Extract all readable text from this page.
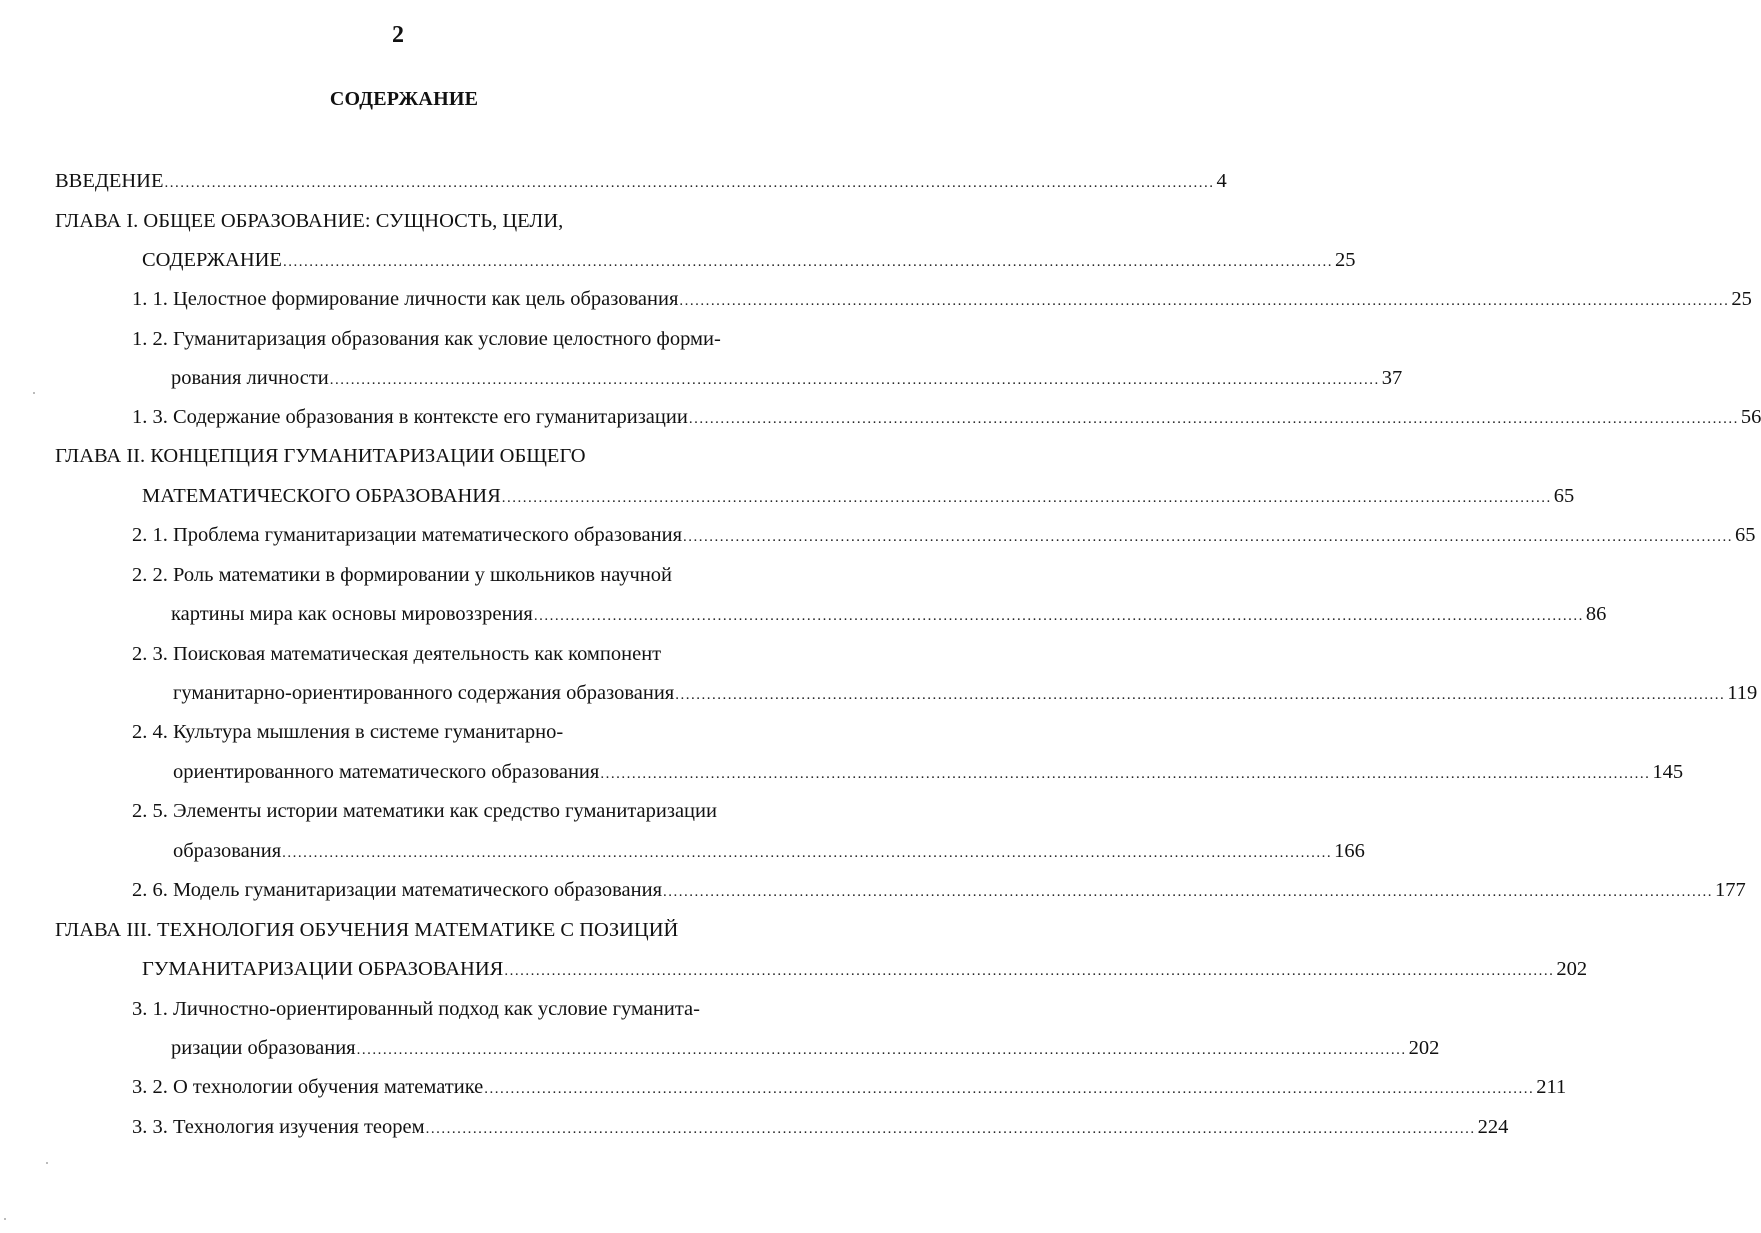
2
СОДЕРЖАНИЕ
ВВЕДЕНИЕ ........................................................................................................................................................................................................ 4
ГЛАВА I. ОБЩЕЕ ОБРАЗОВАНИЕ: СУЩНОСТЬ, ЦЕЛИ,
СОДЕРЖАНИЕ ........................................................................................................................................................................................................ 25
1. 1. Целостное формирование личности как цель образования ........................................................................................................................................................................................................ 25
1. 2. Гуманитаризация образования как условие целостного форми-
рования личности ........................................................................................................................................................................................................ 37
1. 3. Содержание образования в контексте его гуманитаризации ........................................................................................................................................................................................................ 56
ГЛАВА II. КОНЦЕПЦИЯ ГУМАНИТАРИЗАЦИИ ОБЩЕГО
МАТЕМАТИЧЕСКОГО ОБРАЗОВАНИЯ ........................................................................................................................................................................................................ 65
2. 1. Проблема гуманитаризации математического образования ........................................................................................................................................................................................................ 65
2. 2. Роль математики в формировании у школьников научной
картины мира как основы мировоззрения ........................................................................................................................................................................................................ 86
2. 3. Поисковая математическая деятельность как компонент
гуманитарно-ориентированного содержания образования ........................................................................................................................................................................................................ 119
2. 4. Культура мышления в системе гуманитарно-
ориентированного математического образования ........................................................................................................................................................................................................ 145
2. 5. Элементы истории математики как средство гуманитаризации
образования ........................................................................................................................................................................................................ 166
2. 6. Модель гуманитаризации математического образования ........................................................................................................................................................................................................ 177
ГЛАВА III. ТЕХНОЛОГИЯ ОБУЧЕНИЯ МАТЕМАТИКЕ С ПОЗИЦИЙ
ГУМАНИТАРИЗАЦИИ ОБРАЗОВАНИЯ ........................................................................................................................................................................................................ 202
3. 1. Личностно-ориентированный подход как условие гуманита-
ризации образования ........................................................................................................................................................................................................ 202
3. 2. О технологии обучения математике ........................................................................................................................................................................................................ 211
3. 3. Технология изучения теорем ........................................................................................................................................................................................................ 224
